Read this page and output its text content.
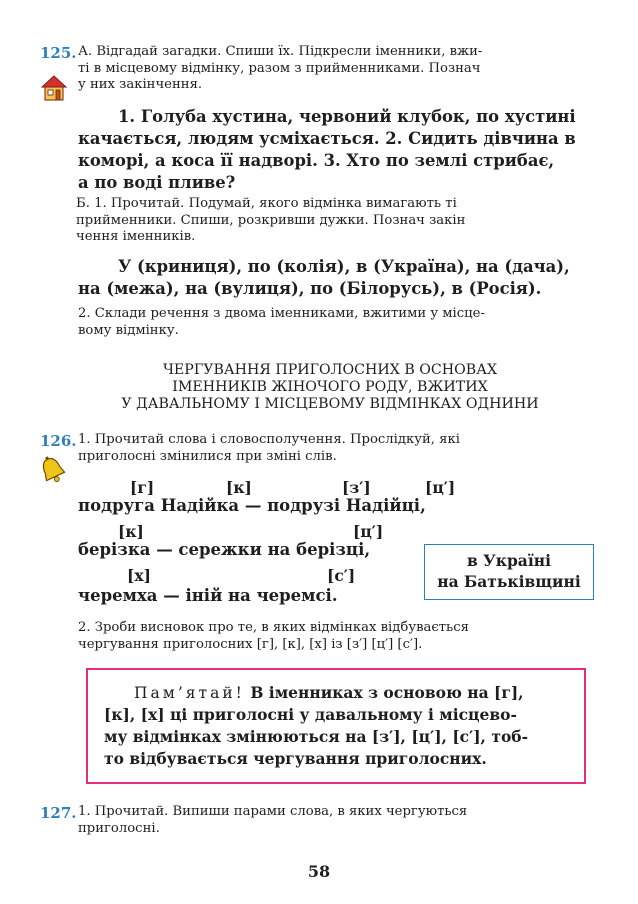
125. А. Відгадай загадки. Спиши їх. Підкресли іменники, вжи-

ті в місцевому відмінку, разом з прийменниками. Познач

у них закінчення.

1. Голуба хустина, червоний клубок, по хустині

качається, людям усміхається. 2. Сидить дівчина в

коморі, а коса її надворі. 3. Хто по землі стрибає,

а по воді пливе?

Б. 1. Прочитай. Подумай, якого відмінка вимагають ті

прийменники. Спиши, розкривши дужки. Познач закін

чення іменників.

У (криниця), по (колія), в (Україна), на (дача),

на (межа), на (вулиця), по (Білорусь), в (Росія).

2. Склади речення з двома іменниками, вжитими у місце-

вому відмінку.

ЧЕРГУВАННЯ ПРИГОЛОСНИХ В ОСНОВАХ

ІМЕННИКІВ ЖІНОЧОГО РОДУ, ВЖИТИХ

У ДАВАЛЬНОМУ І МІСЦЕВОМУ ВІДМІНКАХ ОДНИНИ

126. 1. Прочитай слова і словосполучення. Прослідкуй, які

приголосні змінилися при зміні слів.

[г]	[к]	[з′]	[ц′]
подруга Надійка — подрузі Надійці,
[к]	[ц′]
берізка — сережки на берізці,
[х]	[с′]
черемха — іній на черемсі.

в Україні

на Батьківщині

2. Зроби висновок про те, в яких відмінках відбувається

чергування приголосних [г], [к], [х] із [з′] [ц′] [с′].

Пам’ятай! В іменниках з основою на [г],

[к], [х] ці приголосні у давальному і місцево-

му відмінках змінюються на [з′], [ц′], [с′], тоб-

то відбувається чергування приголосних.

127. 1. Прочитай. Випиши парами слова, в яких чергуються

приголосні.

58
